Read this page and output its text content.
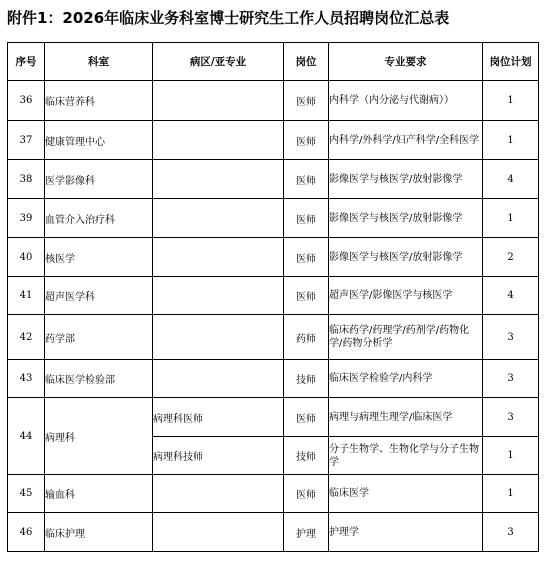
附件1：2026年临床业务科室博士研究生工作人员招聘岗位汇总表
序号	科室	病区/亚专业	岗位	专业要求	岗位计划
36	临床营养科		医师	内科学（内分泌与代谢病））	1
37	健康管理中心		医师	内科学/外科学/妇产科学/全科医学	1
38	医学影像科		医师	影像医学与核医学/放射影像学	4
39	血管介入治疗科		医师	影像医学与核医学/放射影像学	1
40	核医学		医师	影像医学与核医学/放射影像学	2
41	超声医学科		医师	超声医学/影像医学与核医学	4
42	药学部		药师	临床药学/药理学/药剂学/药物化学/药物分析学	3
43	临床医学检验部		技师	临床医学检验学/内科学	3
44	病理科	病理科医师	医师	病理与病理生理学/临床医学	3
		病理科技师	技师	分子生物学、生物化学与分子生物学	1
45	输血科		医师	临床医学	1
46	临床护理		护理	护理学	3
